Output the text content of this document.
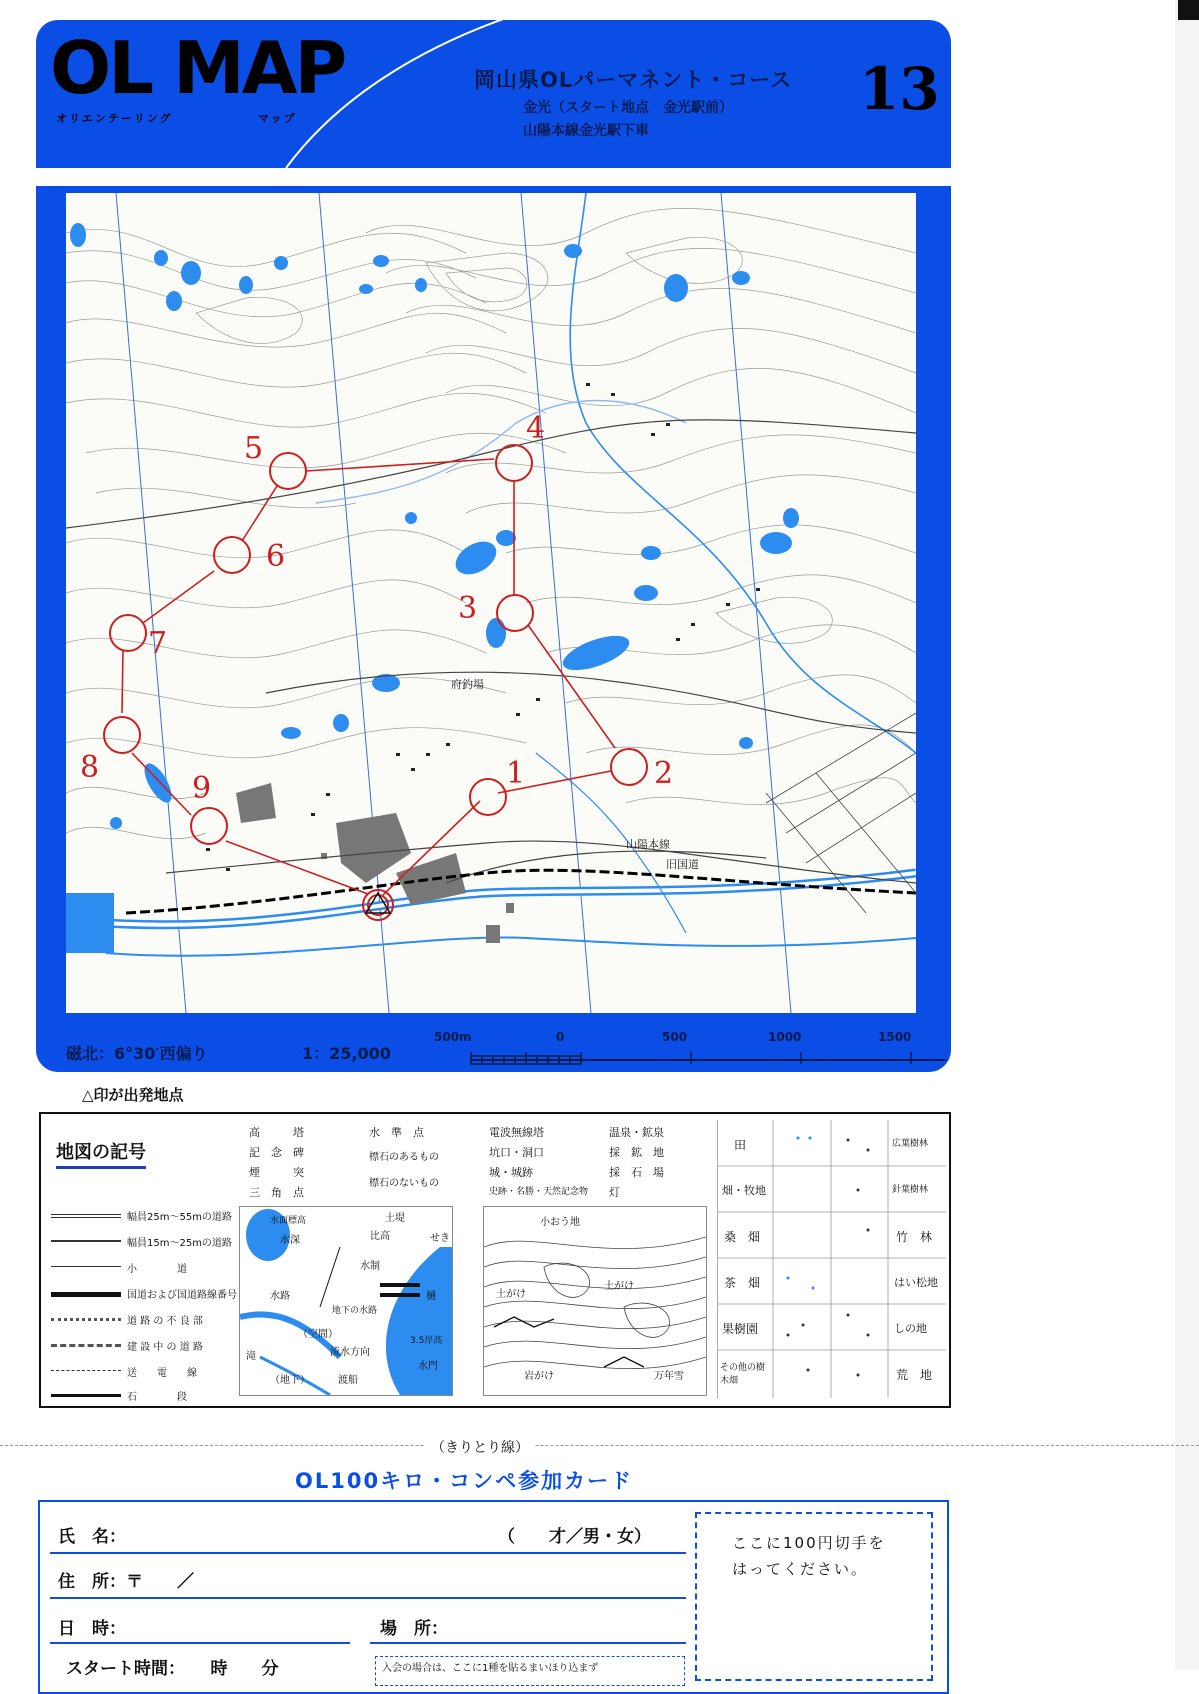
OL MAP
オリエンテーリング	マップ
岡山県OLパーマネント・コース 13
金光（スタート地点　金光駅前）
山陽本線金光駅下車
府釣場
山陽本線
旧国道
1	2
3
4
5
6
7
8
9
磁北：6°30′西偏り	1：25,000
500m	0	500	1000	1500
△印が出発地点
地図の記号
幅員25m～55mの道路
幅員15m～25mの道路
小　　　　道
国道および国道路線番号
道 路 の 不 良 部
建 設 中 の 道 路
送　　電　　線
石　　　　段
高　　　塔
記　念　碑
煙　　　突
三　角　点
水　準　点
標石のあるもの
標石のないもの
電波無線塔
坑口・洞口
城・城跡
史跡・名勝・天然記念物
温泉・鉱泉
採　鉱　地
採　石　場
灯
水面標高
水深
土堤
比高	せき
水制
樋
水路
地下の水路
（空間）
流水方向
滝
（地下）	渡船
3.5岸高
水門
小おう地
土がけ
土がけ
岩がけ	万年雪
田
畑・牧地
桑　畑
茶　畑
果樹園
その他の樹木畑
広葉樹林
針葉樹林
竹　林
はい松地
しの地
荒　地
（きりとり線）
OL100キロ・コンペ参加カード
氏　名：	（　　才／男・女）
住　所：〒　　／
日　時：	場　所：
スタート時間：　　時　　分	入会の場合は、ここに1種を貼るまいほり込まず
ここに100円切手を
はってください。
